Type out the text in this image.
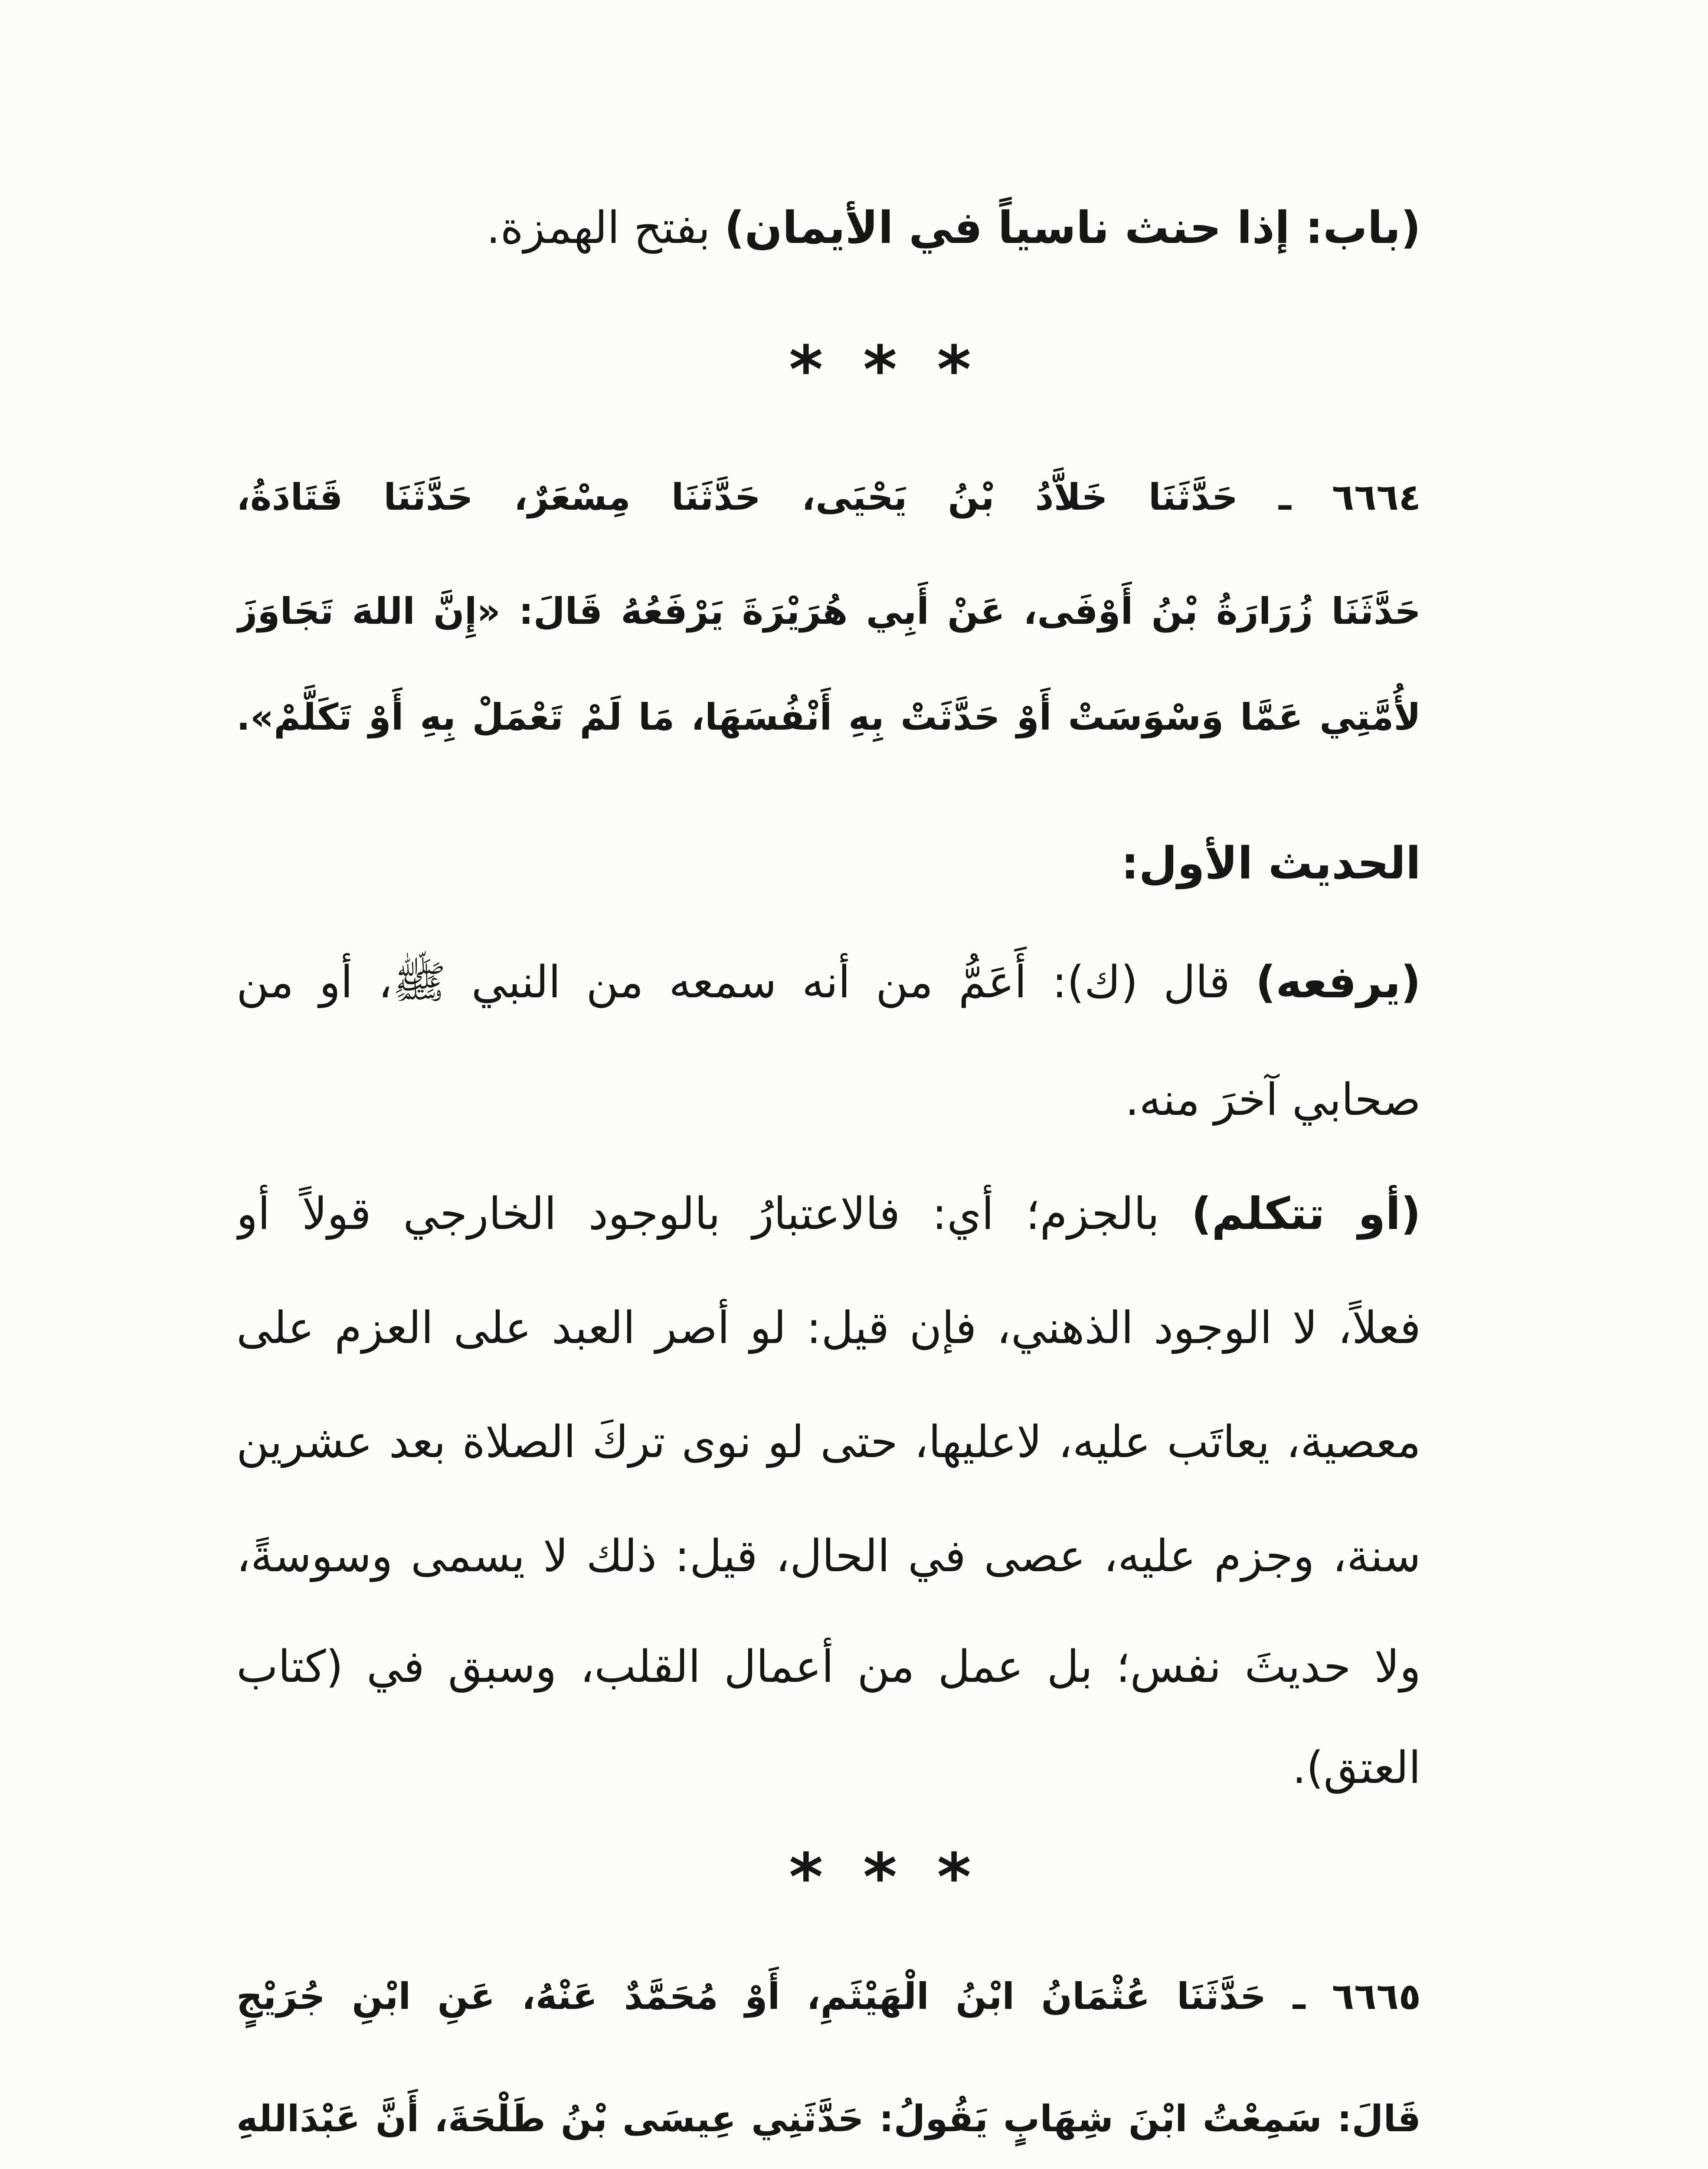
(باب: إذا حنث ناسياً في الأيمان) بفتح الهمزة.
* * *
٦٦٦٤ ـ حَدَّثَنَا خَلاَّدُ بْنُ يَحْيَى، حَدَّثَنَا مِسْعَرٌ، حَدَّثَنَا قَتَادَةُ،
حَدَّثَنَا زُرَارَةُ بْنُ أَوْفَى، عَنْ أَبِي هُرَيْرَةَ يَرْفَعُهُ قَالَ: «إِنَّ اللهَ تَجَاوَزَ
لأُمَّتِي عَمَّا وَسْوَسَتْ أَوْ حَدَّثَتْ بِهِ أَنْفُسَهَا، مَا لَمْ تَعْمَلْ بِهِ أَوْ تَكَلَّمْ».
الحديث الأول:
(يرفعه) قال (ك): أَعَمُّ من أنه سمعه من النبي ﷺ، أو من
صحابي آخرَ منه.
(أو تتكلم) بالجزم؛ أي: فالاعتبارُ بالوجود الخارجي قولاً أو
فعلاً، لا الوجود الذهني، فإن قيل: لو أصر العبد على العزم على
معصية، يعاتَب عليه، لاعليها، حتى لو نوى تركَ الصلاة بعد عشرين
سنة، وجزم عليه، عصى في الحال، قيل: ذلك لا يسمى وسوسةً،
ولا حديثَ نفس؛ بل عمل من أعمال القلب، وسبق في (كتاب
العتق).
* * *
٦٦٦٥ ـ حَدَّثَنَا عُثْمَانُ ابْنُ الْهَيْثَمِ، أَوْ مُحَمَّدٌ عَنْهُ، عَنِ ابْنِ جُرَيْجٍ
قَالَ: سَمِعْتُ ابْنَ شِهَابٍ يَقُولُ: حَدَّثَنِي عِيسَى بْنُ طَلْحَةَ، أَنَّ عَبْدَاللهِ
